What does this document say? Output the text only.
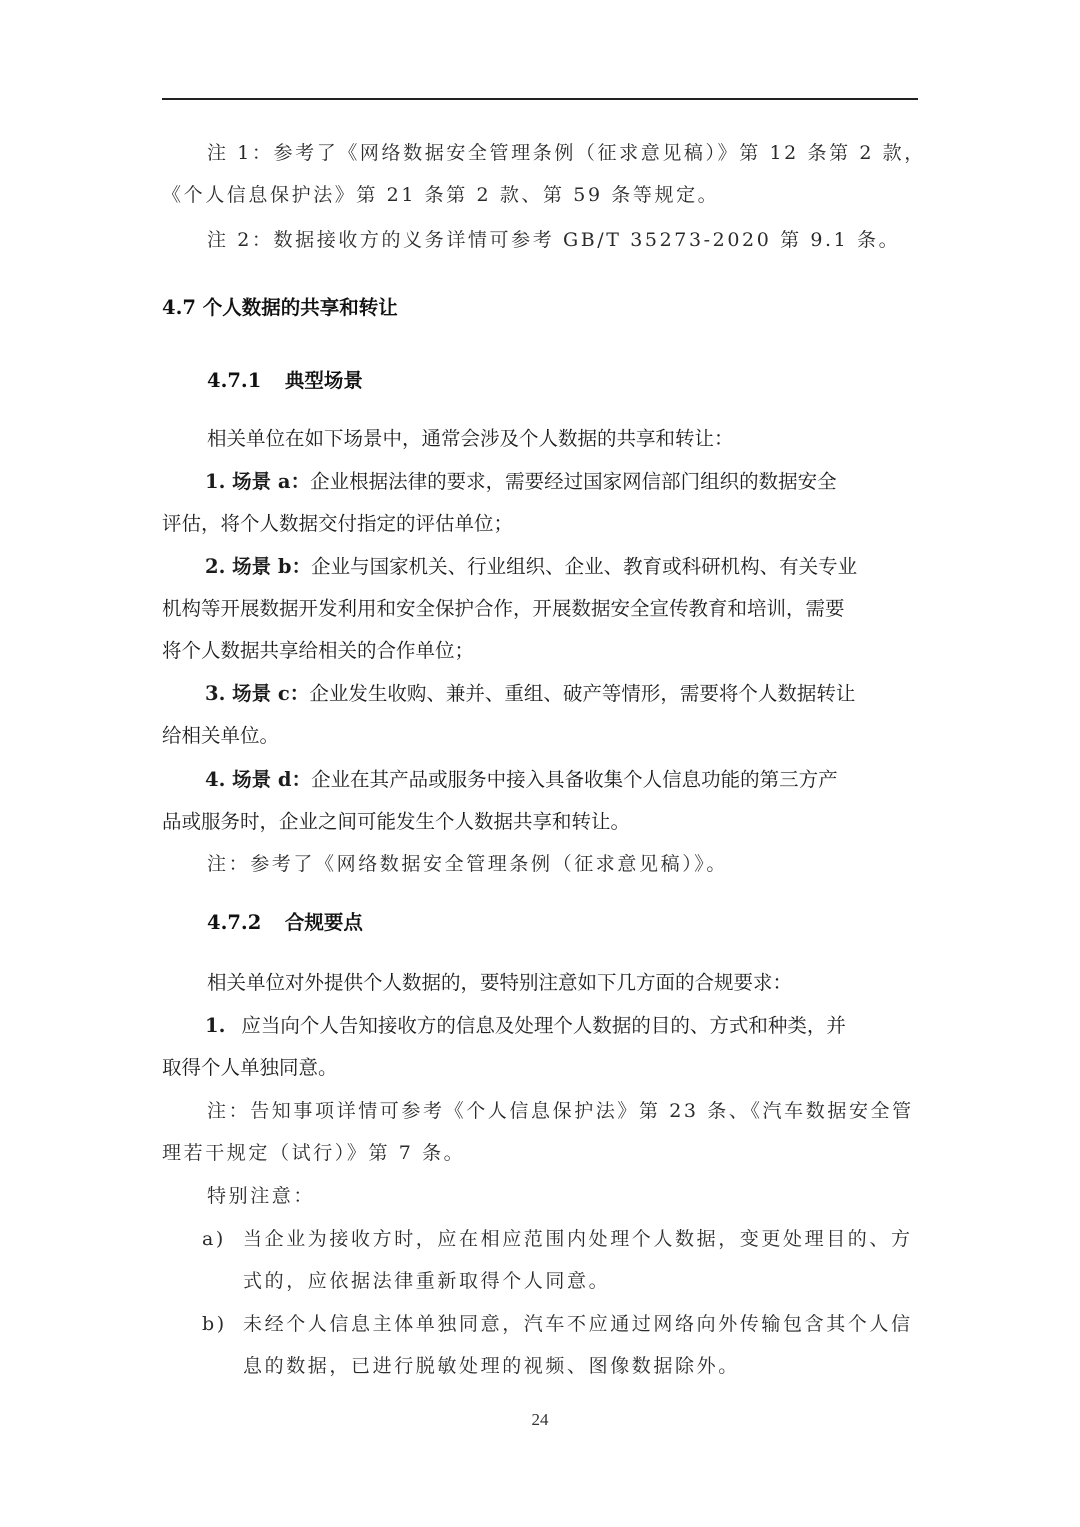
注 1：参考了《网络数据安全管理条例（征求意见稿）》第 12 条第 2 款，
《个人信息保护法》第 21 条第 2 款、第 59 条等规定。
注 2：数据接收方的义务详情可参考 GB/T 35273-2020 第 9.1 条。
4.7 个人数据的共享和转让
4.7.1 典型场景
相关单位在如下场景中，通常会涉及个人数据的共享和转让：
1. 场景 a：企业根据法律的要求，需要经过国家网信部门组织的数据安全
评估，将个人数据交付指定的评估单位；
2. 场景 b：企业与国家机关、行业组织、企业、教育或科研机构、有关专业
机构等开展数据开发利用和安全保护合作，开展数据安全宣传教育和培训，需要
将个人数据共享给相关的合作单位；
3. 场景 c：企业发生收购、兼并、重组、破产等情形，需要将个人数据转让
给相关单位。
4. 场景 d：企业在其产品或服务中接入具备收集个人信息功能的第三方产
品或服务时，企业之间可能发生个人数据共享和转让。
注：参考了《网络数据安全管理条例（征求意见稿）》。
4.7.2 合规要点
相关单位对外提供个人数据的，要特别注意如下几方面的合规要求：
1. 应当向个人告知接收方的信息及处理个人数据的目的、方式和种类，并
取得个人单独同意。
注：告知事项详情可参考《个人信息保护法》第 23 条、《汽车数据安全管
理若干规定（试行）》第 7 条。
特别注意：
a) 当企业为接收方时，应在相应范围内处理个人数据，变更处理目的、方
式的，应依据法律重新取得个人同意。
b) 未经个人信息主体单独同意，汽车不应通过网络向外传输包含其个人信
息的数据，已进行脱敏处理的视频、图像数据除外。
24
